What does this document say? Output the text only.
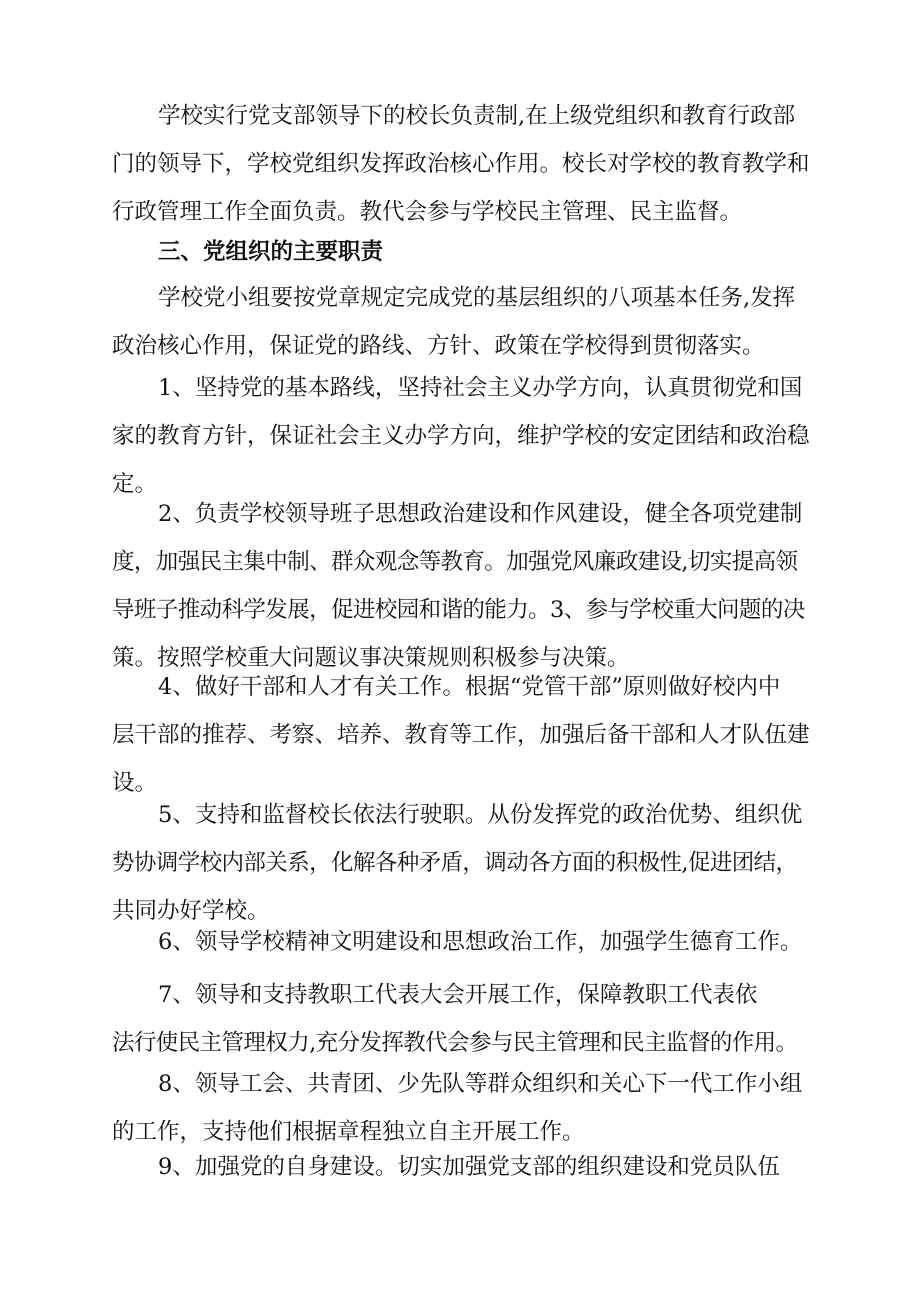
学校实行党支部领导下的校长负责制,在上级党组织和教育行政部
门的领导下，学校党组织发挥政治核心作用。校长对学校的教育教学和
行政管理工作全面负责。教代会参与学校民主管理、民主监督。
三、党组织的主要职责
学校党小组要按党章规定完成党的基层组织的八项基本任务,发挥
政治核心作用，保证党的路线、方针、政策在学校得到贯彻落实。
1、坚持党的基本路线，坚持社会主义办学方向，认真贯彻党和国
家的教育方针，保证社会主义办学方向，维护学校的安定团结和政治稳
定。
2、负责学校领导班子思想政治建设和作风建设，健全各项党建制
度，加强民主集中制、群众观念等教育。加强党风廉政建设,切实提高领
导班子推动科学发展，促进校园和谐的能力。3、参与学校重大问题的决
策。按照学校重大问题议事决策规则积极参与决策。
4、做好干部和人才有关工作。根据“党管干部”原则做好校内中
层干部的推荐、考察、培养、教育等工作，加强后备干部和人才队伍建
设。
5、支持和监督校长依法行驶职。从份发挥党的政治优势、组织优
势协调学校内部关系，化解各种矛盾，调动各方面的积极性,促进团结，
共同办好学校。
6、领导学校精神文明建设和思想政治工作，加强学生德育工作。
7、领导和支持教职工代表大会开展工作，保障教职工代表依
法行使民主管理权力,充分发挥教代会参与民主管理和民主监督的作用。
8、领导工会、共青团、少先队等群众组织和关心下一代工作小组
的工作，支持他们根据章程独立自主开展工作。
9、加强党的自身建设。切实加强党支部的组织建设和党员队伍
